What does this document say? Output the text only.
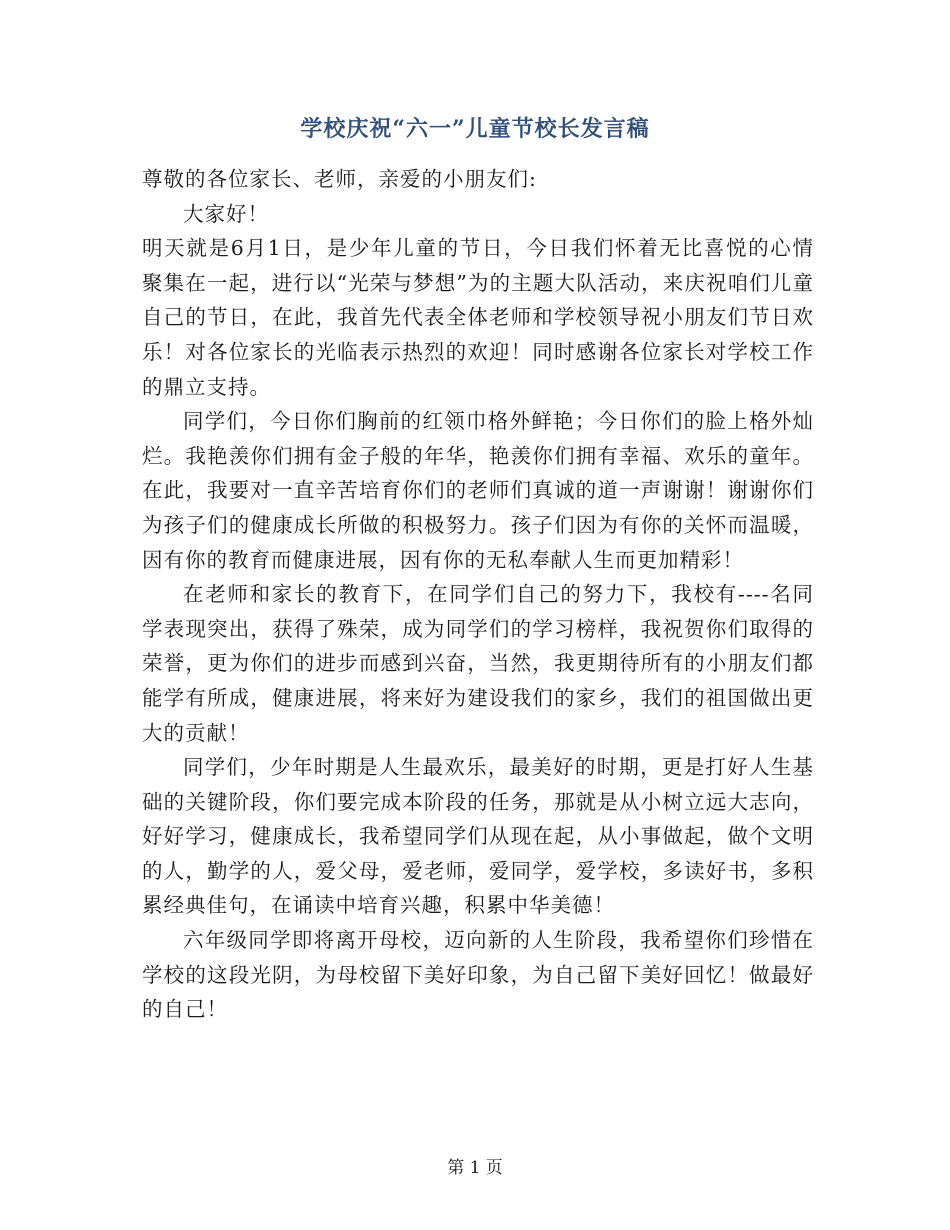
学校庆祝“六一”儿童节校长发言稿

尊敬的各位家长、老师，亲爱的小朋友们:

大家好！

明天就是6月1日，是少年儿童的节日，今日我们怀着无比喜悦的心情聚集在一起，进行以“光荣与梦想”为的主题大队活动，来庆祝咱们儿童自己的节日，在此，我首先代表全体老师和学校领导祝小朋友们节日欢乐！对各位家长的光临表示热烈的欢迎！同时感谢各位家长对学校工作的鼎立支持。

同学们，今日你们胸前的红领巾格外鲜艳；今日你们的脸上格外灿烂。我艳羡你们拥有金子般的年华，艳羡你们拥有幸福、欢乐的童年。在此，我要对一直辛苦培育你们的老师们真诚的道一声谢谢！谢谢你们为孩子们的健康成长所做的积极努力。孩子们因为有你的关怀而温暖，因有你的教育而健康进展，因有你的无私奉献人生而更加精彩！

在老师和家长的教育下，在同学们自己的努力下，我校有----名同学表现突出，获得了殊荣，成为同学们的学习榜样，我祝贺你们取得的荣誉，更为你们的进步而感到兴奋，当然，我更期待所有的小朋友们都能学有所成，健康进展，将来好为建设我们的家乡，我们的祖国做出更大的贡献！

同学们，少年时期是人生最欢乐，最美好的时期，更是打好人生基础的关键阶段，你们要完成本阶段的任务，那就是从小树立远大志向，好好学习，健康成长，我希望同学们从现在起，从小事做起，做个文明的人，勤学的人，爱父母，爱老师，爱同学，爱学校，多读好书，多积累经典佳句，在诵读中培育兴趣，积累中华美德！

六年级同学即将离开母校，迈向新的人生阶段，我希望你们珍惜在学校的这段光阴，为母校留下美好印象，为自己留下美好回忆！做最好的自己！

第 1 页
